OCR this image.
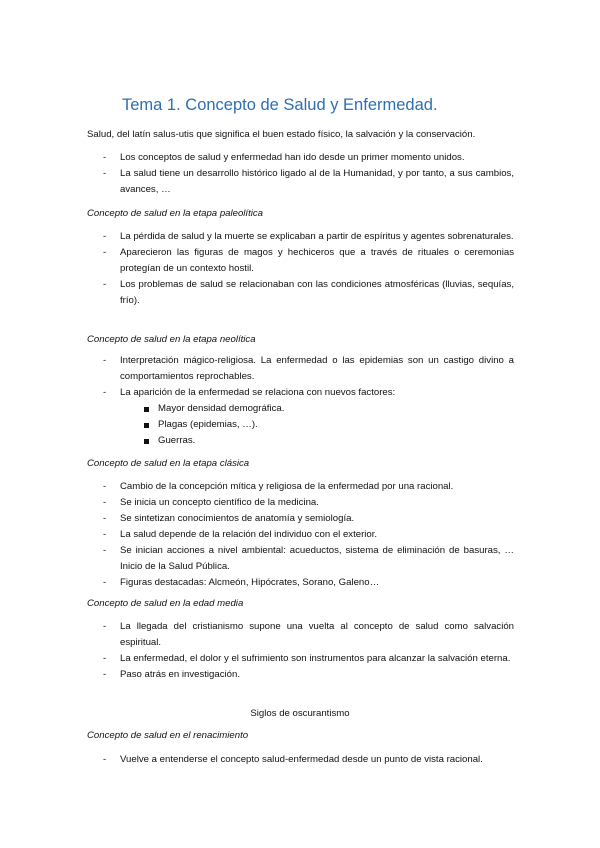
Tema 1. Concepto de Salud y Enfermedad.

Salud, del latín salus-utis que significa el buen estado físico, la salvación y la conservación.

- Los conceptos de salud y enfermedad han ido desde un primer momento unidos.
- La salud tiene un desarrollo histórico ligado al de la Humanidad, y por tanto, a sus cambios, avances, …

Concepto de salud en la etapa paleolítica

- La pérdida de salud y la muerte se explicaban a partir de espíritus y agentes sobrenaturales.
- Aparecieron las figuras de magos y hechiceros que a través de rituales o ceremonias protegían de un contexto hostil.
- Los problemas de salud se relacionaban con las condiciones atmosféricas (lluvias, sequías, frío).

Concepto de salud en la etapa neolítica

- Interpretación mágico-religiosa. La enfermedad o las epidemias son un castigo divino a comportamientos reprochables.
- La aparición de la enfermedad se relaciona con nuevos factores:
Mayor densidad demográfica.
Plagas (epidemias, …).
Guerras.

Concepto de salud en la etapa clásica

- Cambio de la concepción mítica y religiosa de la enfermedad por una racional.
- Se inicia un concepto científico de la medicina.
- Se sintetizan conocimientos de anatomía y semiología.
- La salud depende de la relación del individuo con el exterior.
- Se inician acciones a nivel ambiental: acueductos, sistema de eliminación de basuras, … Inicio de la Salud Pública.
- Figuras destacadas: Alcmeón, Hipócrates, Sorano, Galeno…

Concepto de salud en la edad media

- La llegada del cristianismo supone una vuelta al concepto de salud como salvación espiritual.
- La enfermedad, el dolor y el sufrimiento son instrumentos para alcanzar la salvación eterna.
- Paso atrás en investigación.

Siglos de oscurantismo

Concepto de salud en el renacimiento

- Vuelve a entenderse el concepto salud-enfermedad desde un punto de vista racional.
